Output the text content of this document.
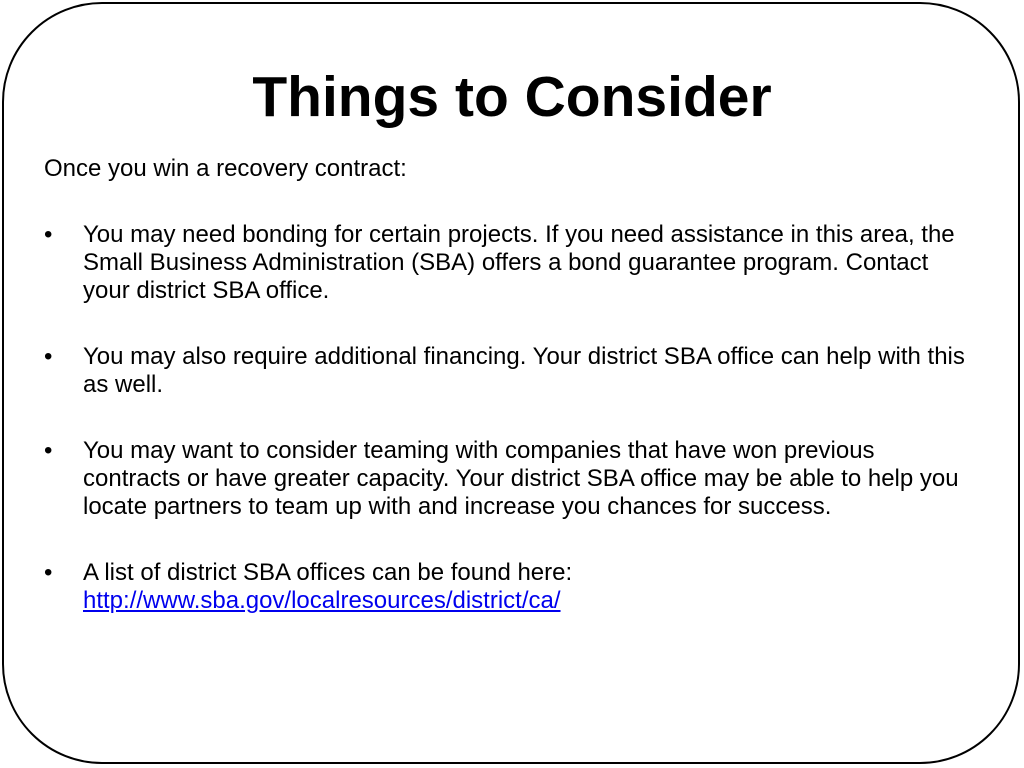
Things to Consider

Once you win a recovery contract:

• You may need bonding for certain projects. If you need assistance in this area, the Small Business Administration (SBA) offers a bond guarantee program. Contact your district SBA office.
• You may also require additional financing. Your district SBA office can help with this as well.
• You may want to consider teaming with companies that have won previous contracts or have greater capacity. Your district SBA office may be able to help you locate partners to team up with and increase you chances for success.
• A list of district SBA offices can be found here:
http://www.sba.gov/localresources/district/ca/
